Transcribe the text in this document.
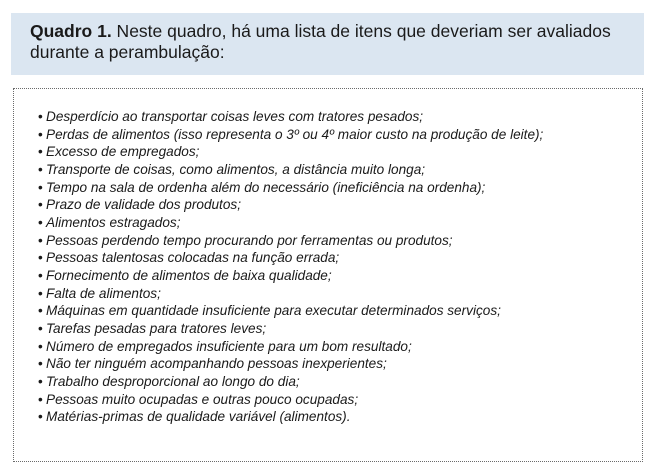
Quadro 1. Neste quadro, há uma lista de itens que deveriam ser avaliados durante a perambulação:
• Desperdício ao transportar coisas leves com tratores pesados;
• Perdas de alimentos (isso representa o 3º ou 4º maior custo na produção de leite);
• Excesso de empregados;
• Transporte de coisas, como alimentos, a distância muito longa;
• Tempo na sala de ordenha além do necessário (ineficiência na ordenha);
• Prazo de validade dos produtos;
• Alimentos estragados;
• Pessoas perdendo tempo procurando por ferramentas ou produtos;
• Pessoas talentosas colocadas na função errada;
• Fornecimento de alimentos de baixa qualidade;
• Falta de alimentos;
• Máquinas em quantidade insuficiente para executar determinados serviços;
• Tarefas pesadas para tratores leves;
• Número de empregados insuficiente para um bom resultado;
• Não ter ninguém acompanhando pessoas inexperientes;
• Trabalho desproporcional ao longo do dia;
• Pessoas muito ocupadas e outras pouco ocupadas;
• Matérias-primas de qualidade variável (alimentos).
